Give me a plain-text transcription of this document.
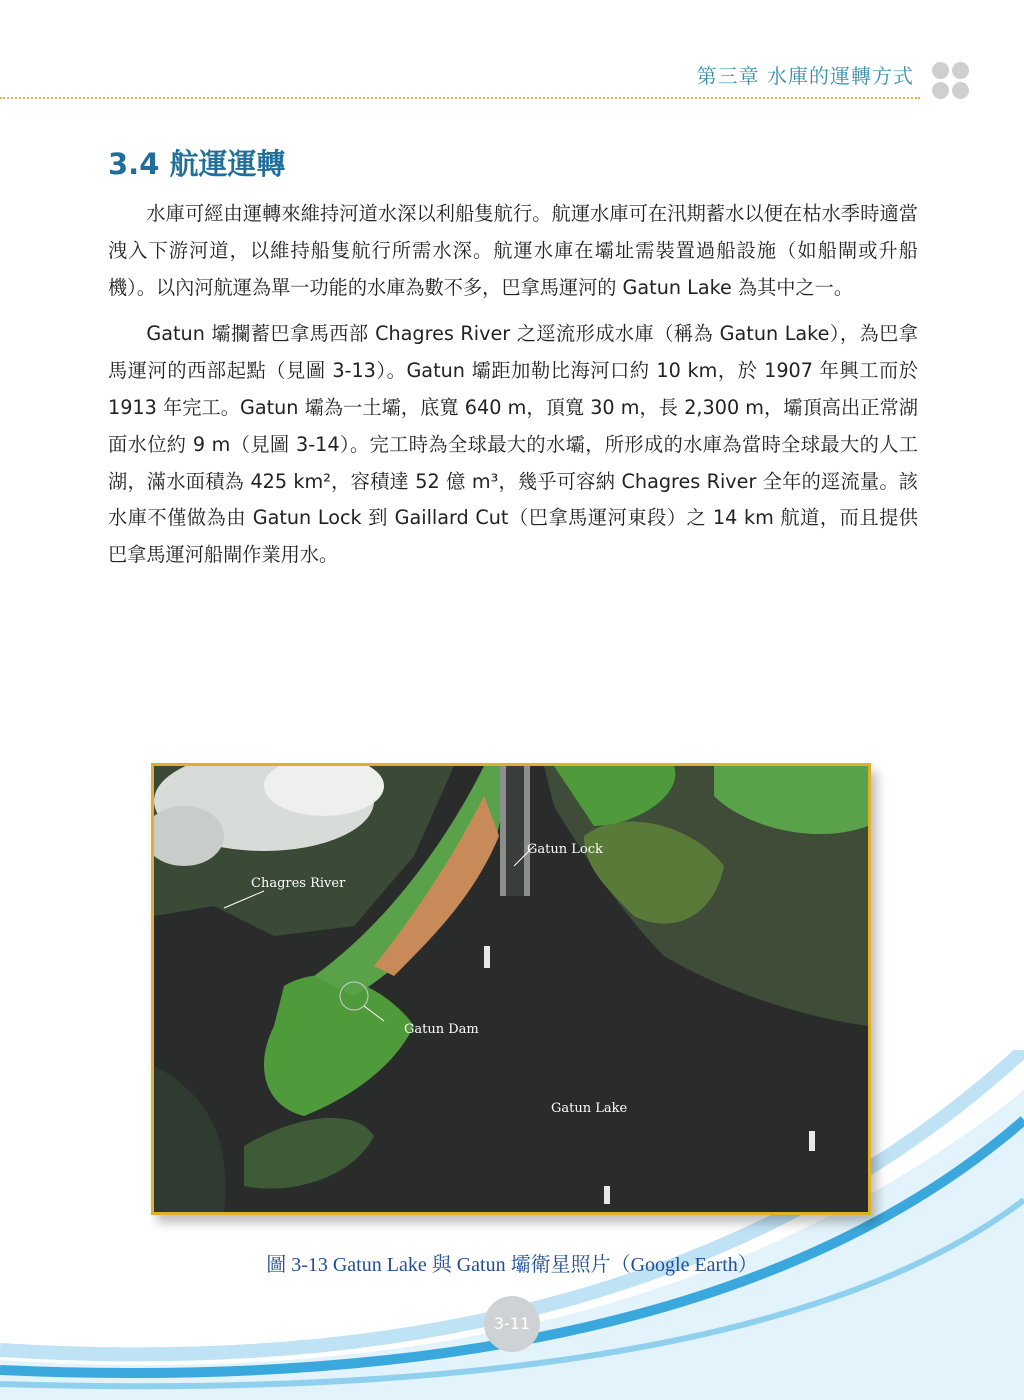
第三章 水庫的運轉方式
3.4 航運運轉

水庫可經由運轉來維持河道水深以利船隻航行。航運水庫可在汛期蓄水以便在枯水季時適當洩入下游河道，以維持船隻航行所需水深。航運水庫在壩址需裝置過船設施（如船閘或升船機）。以內河航運為單一功能的水庫為數不多，巴拿馬運河的 Gatun Lake 為其中之一。

Gatun 壩攔蓄巴拿馬西部 Chagres River 之逕流形成水庫（稱為 Gatun Lake），為巴拿馬運河的西部起點（見圖 3-13）。Gatun 壩距加勒比海河口約 10 km，於 1907 年興工而於 1913 年完工。Gatun 壩為一土壩，底寬 640 m，頂寬 30 m，長 2,300 m，壩頂高出正常湖面水位約 9 m（見圖 3-14）。完工時為全球最大的水壩，所形成的水庫為當時全球最大的人工湖，滿水面積為 425 km²，容積達 52 億 m³，幾乎可容納 Chagres River 全年的逕流量。該水庫不僅做為由 Gatun Lock 到 Gaillard Cut（巴拿馬運河東段）之 14 km 航道，而且提供巴拿馬運河船閘作業用水。

Chagres River
Gatun Lock
Gatun Dam
Gatun Lake
圖 3-13 Gatun Lake 與 Gatun 壩衛星照片（Google Earth）
3-11
